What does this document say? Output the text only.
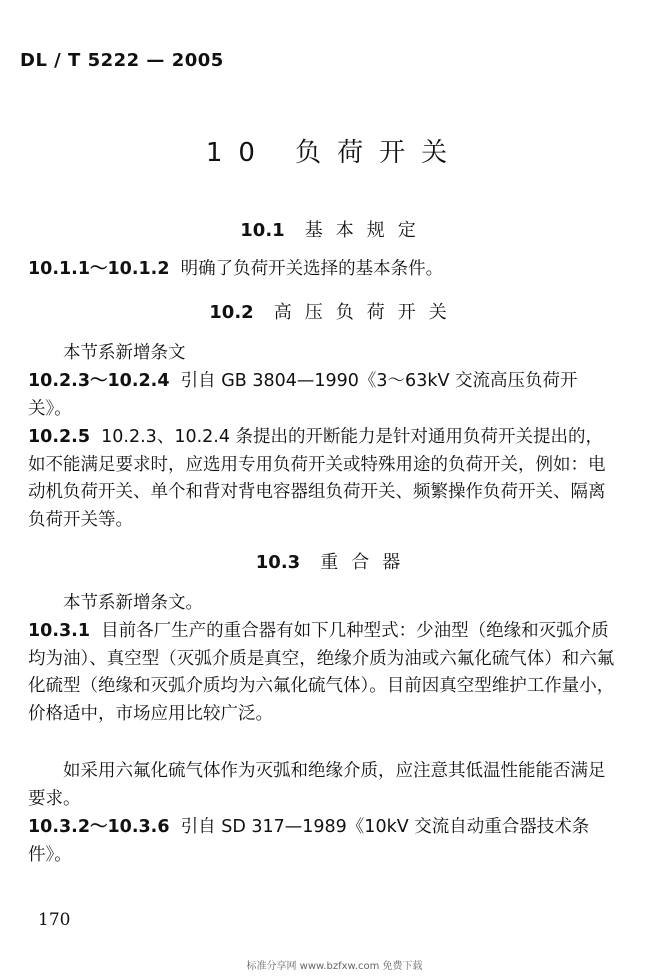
DL / T 5222 — 2005
10 负荷开关
10.1 基本规定
10.1.1～10.1.2 明确了负荷开关选择的基本条件。
10.2 高压负荷开关
本节系新增条文
10.2.3～10.2.4 引自 GB 3804—1990《3～63kV 交流高压负荷开关》。
10.2.5 10.2.3、10.2.4 条提出的开断能力是针对通用负荷开关提出的，如不能满足要求时，应选用专用负荷开关或特殊用途的负荷开关，例如：电动机负荷开关、单个和背对背电容器组负荷开关、频繁操作负荷开关、隔离负荷开关等。
10.3 重合器
本节系新增条文。
10.3.1 目前各厂生产的重合器有如下几种型式：少油型（绝缘和灭弧介质均为油）、真空型（灭弧介质是真空，绝缘介质为油或六氟化硫气体）和六氟化硫型（绝缘和灭弧介质均为六氟化硫气体）。目前因真空型维护工作量小，价格适中，市场应用比较广泛。
如采用六氟化硫气体作为灭弧和绝缘介质，应注意其低温性能能否满足要求。
10.3.2～10.3.6 引自 SD 317—1989《10kV 交流自动重合器技术条件》。
170
标准分享网 www.bzfxw.com 免费下载
